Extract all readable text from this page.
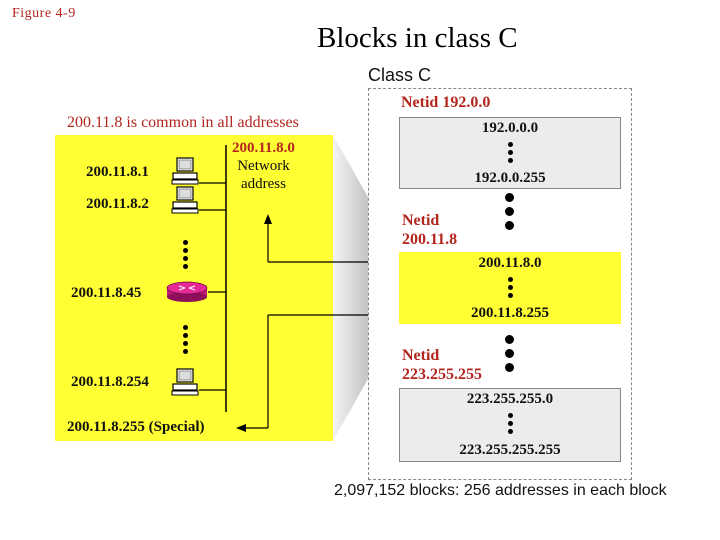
Figure 4-9
Blocks in class C
200.11.8 is common in all addresses
200.11.8.1
200.11.8.2
200.11.8.45
200.11.8.254
200.11.8.255 (Special)
200.11.8.0
Network
address
Class C
Netid 192.0.0
192.0.0.0
192.0.0.255
Netid
200.11.8
200.11.8.0
200.11.8.255
Netid
223.255.255
223.255.255.0
223.255.255.255
2,097,152 blocks: 256 addresses in each block
